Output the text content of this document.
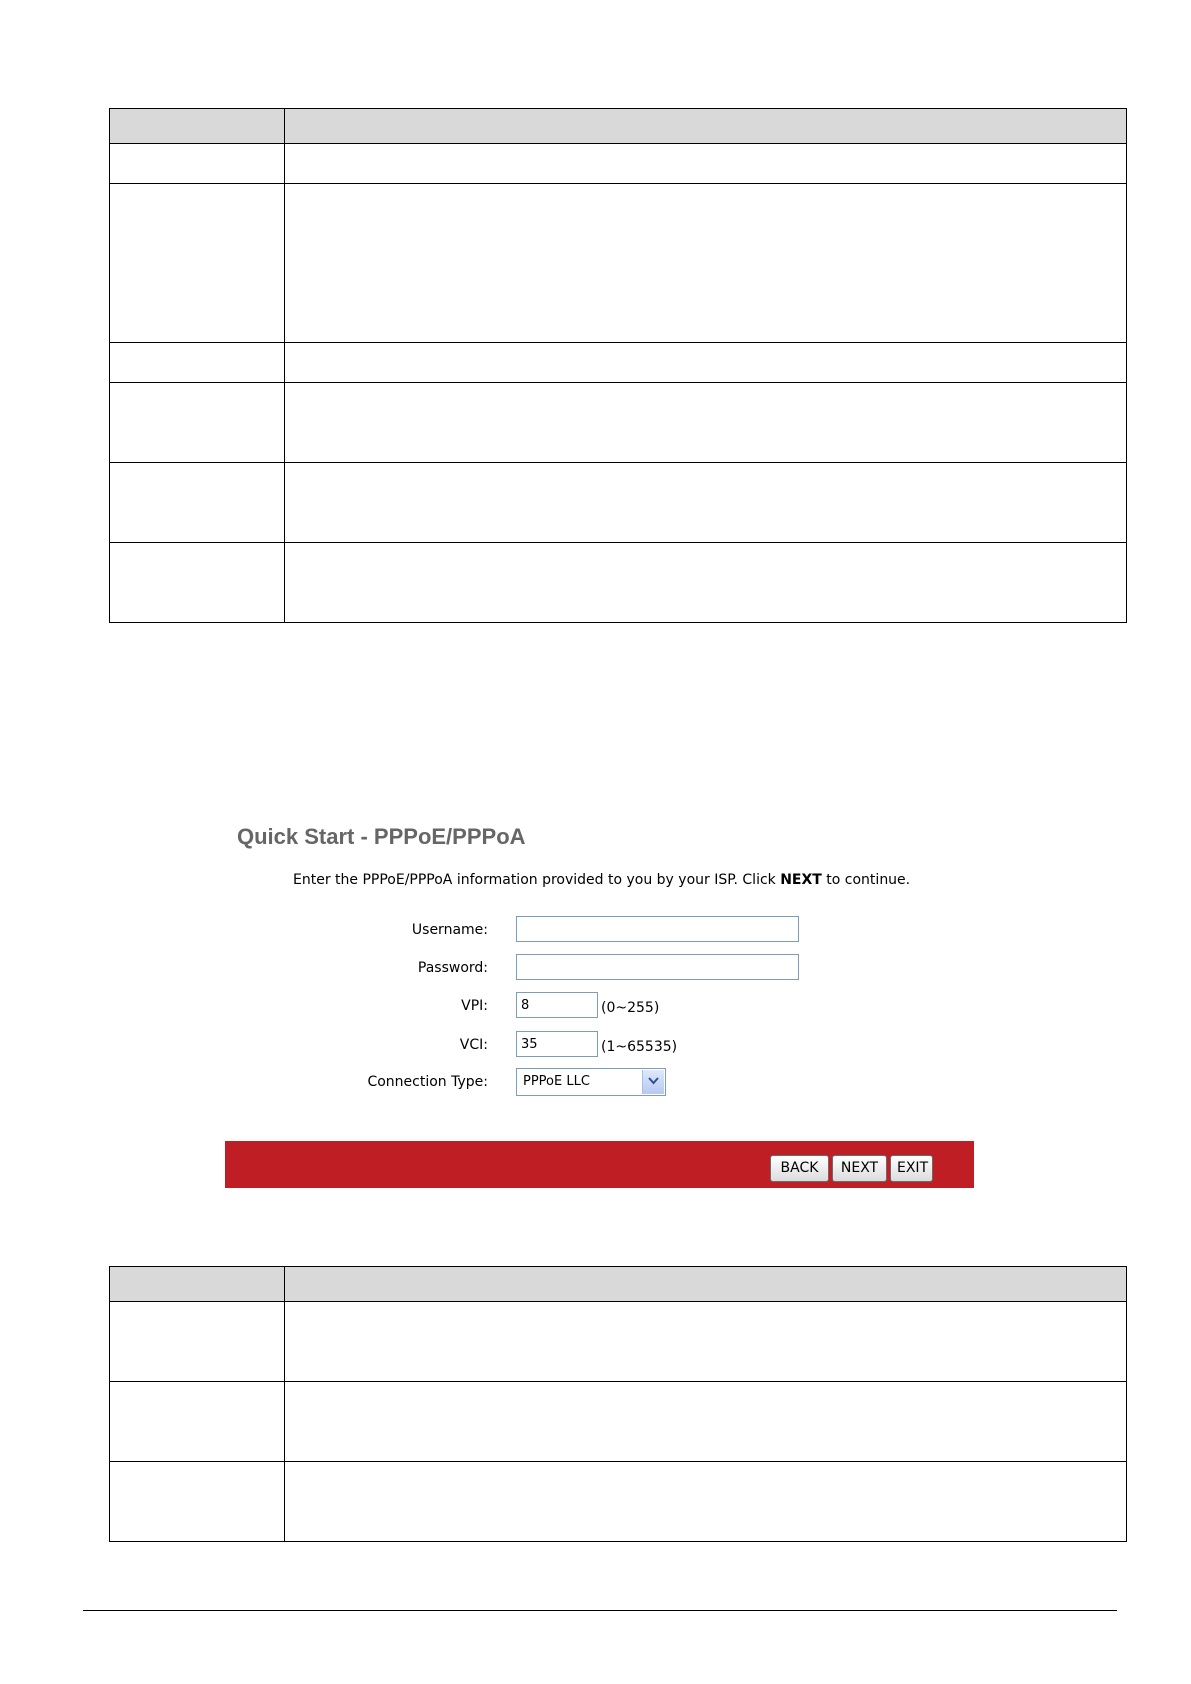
Quick Start - PPPoE/PPPoA
Enter the PPPoE/PPPoA information provided to you by your ISP. Click NEXT to continue.
Username:
Password:
VPI:
8	(0~255)
VCI:
35	(1~65535)
Connection Type:	PPPoE LLC
BACK	NEXT	EXIT
